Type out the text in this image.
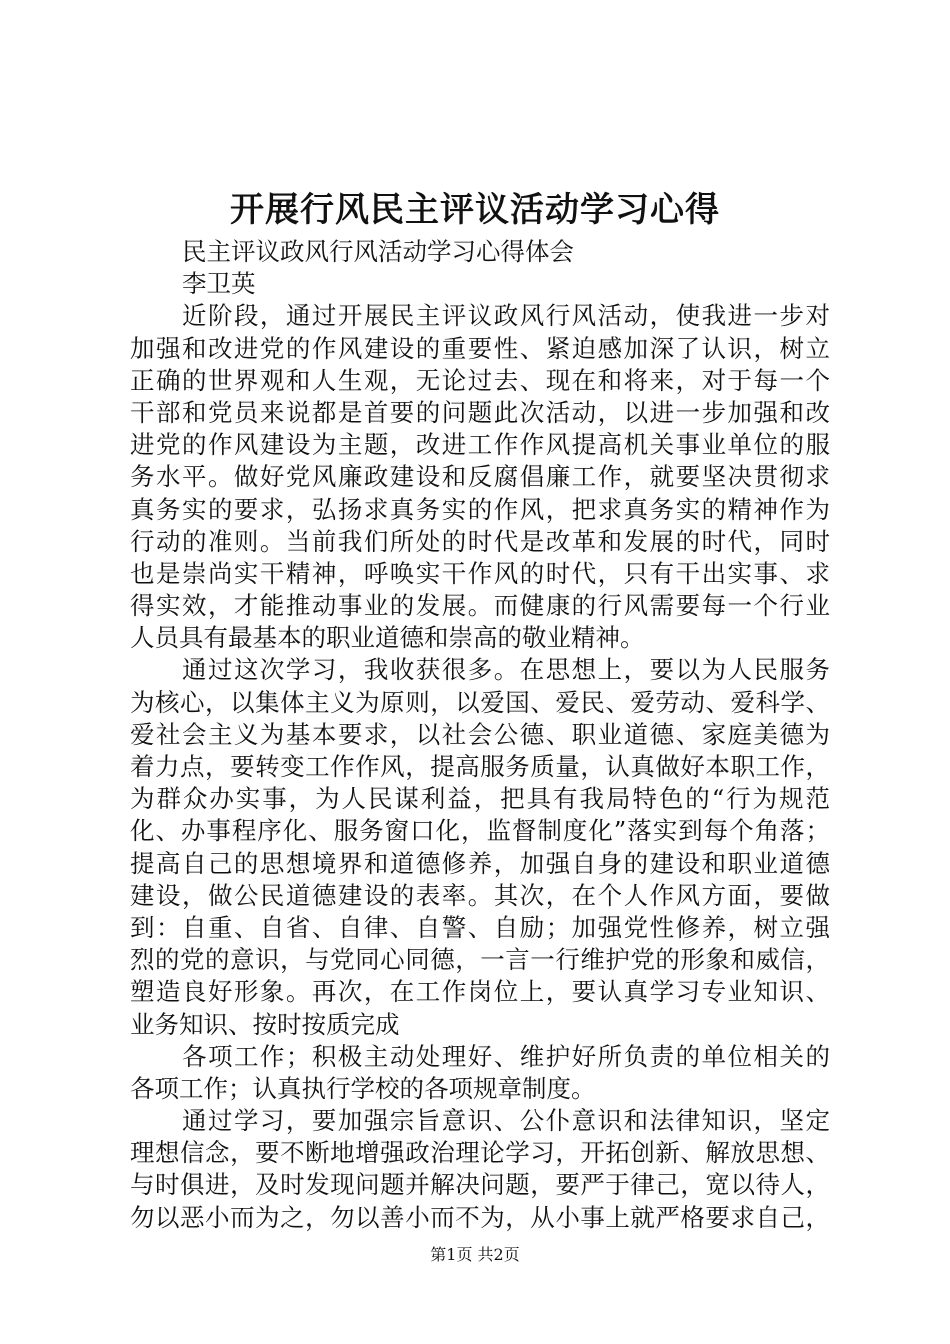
开展行风民主评议活动学习心得
民主评议政风行风活动学习心得体会
李卫英
近阶段，通过开展民主评议政风行风活动，使我进一步对
加强和改进党的作风建设的重要性、紧迫感加深了认识，树立
正确的世界观和人生观，无论过去、现在和将来，对于每一个
干部和党员来说都是首要的问题此次活动，以进一步加强和改
进党的作风建设为主题，改进工作作风提高机关事业单位的服
务水平。做好党风廉政建设和反腐倡廉工作，就要坚决贯彻求
真务实的要求，弘扬求真务实的作风，把求真务实的精神作为
行动的准则。当前我们所处的时代是改革和发展的时代，同时
也是崇尚实干精神，呼唤实干作风的时代，只有干出实事、求
得实效，才能推动事业的发展。而健康的行风需要每一个行业
人员具有最基本的职业道德和崇高的敬业精神。
通过这次学习，我收获很多。在思想上，要以为人民服务
为核心，以集体主义为原则，以爱国、爱民、爱劳动、爱科学、
爱社会主义为基本要求，以社会公德、职业道德、家庭美德为
着力点，要转变工作作风，提高服务质量，认真做好本职工作，
为群众办实事，为人民谋利益，把具有我局特色的“行为规范
化、办事程序化、服务窗口化，监督制度化”落实到每个角落；
提高自己的思想境界和道德修养，加强自身的建设和职业道德
建设，做公民道德建设的表率。其次，在个人作风方面，要做
到：自重、自省、自律、自警、自励；加强党性修养，树立强
烈的党的意识，与党同心同德，一言一行维护党的形象和威信，
塑造良好形象。再次，在工作岗位上，要认真学习专业知识、
业务知识、按时按质完成
各项工作；积极主动处理好、维护好所负责的单位相关的
各项工作；认真执行学校的各项规章制度。
通过学习，要加强宗旨意识、公仆意识和法律知识，坚定
理想信念，要不断地增强政治理论学习，开拓创新、解放思想、
与时俱进，及时发现问题并解决问题，要严于律己，宽以待人，
勿以恶小而为之，勿以善小而不为，从小事上就严格要求自己，
第1页 共2页
